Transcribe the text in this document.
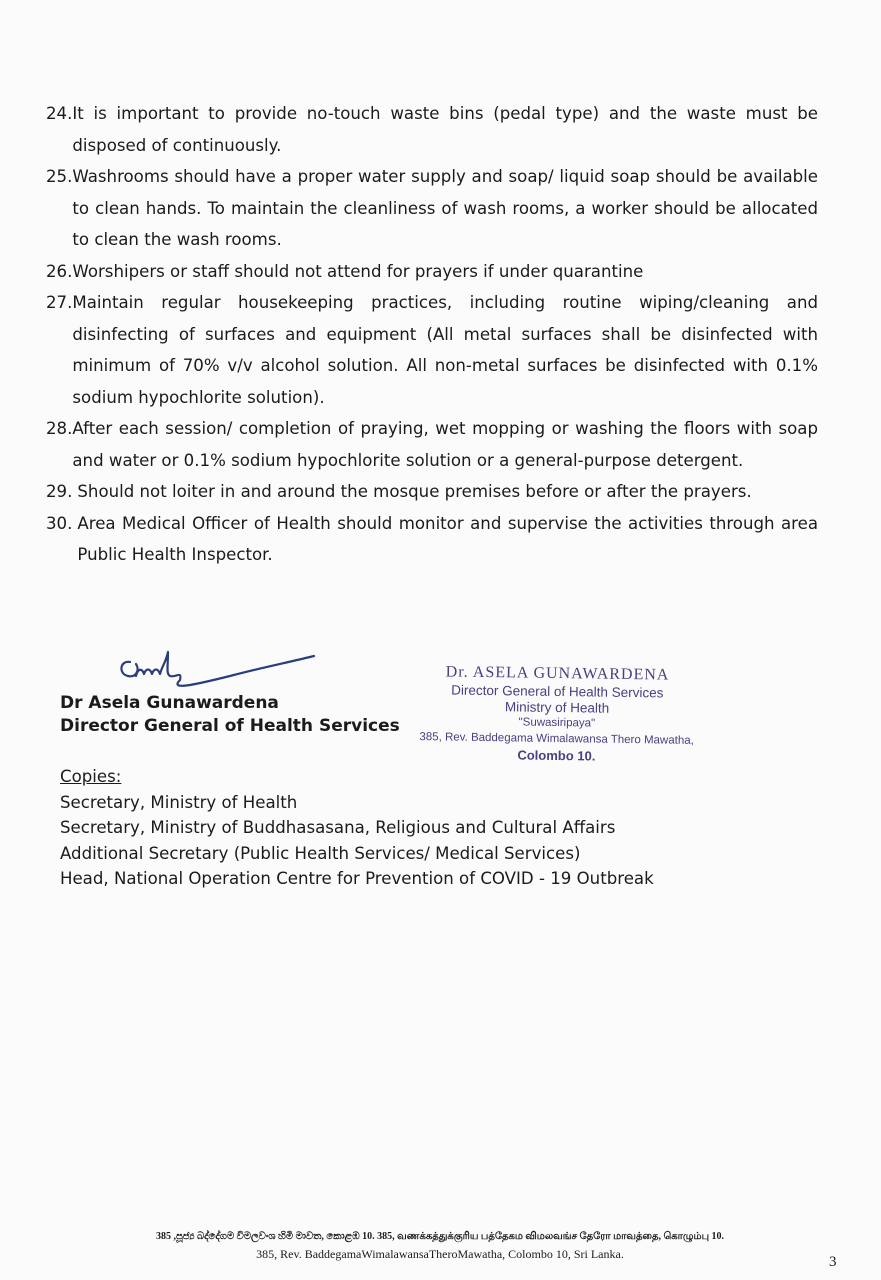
24. It is important to provide no-touch waste bins (pedal type) and the waste must be disposed of continuously.
25. Washrooms should have a proper water supply and soap/ liquid soap should be available to clean hands. To maintain the cleanliness of wash rooms, a worker should be allocated to clean the wash rooms.
26. Worshipers or staff should not attend for prayers if under quarantine
27. Maintain regular housekeeping practices, including routine wiping/cleaning and disinfecting of surfaces and equipment (All metal surfaces shall be disinfected with minimum of 70% v/v alcohol solution. All non-metal surfaces be disinfected with 0.1% sodium hypochlorite solution).
28. After each session/ completion of praying, wet mopping or washing the floors with soap and water or 0.1% sodium hypochlorite solution or a general-purpose detergent.
29. Should not loiter in and around the mosque premises before or after the prayers.
30. Area Medical Officer of Health should monitor and supervise the activities through area Public Health Inspector.
Dr Asela Gunawardena
Director General of Health Services
Dr. ASELA GUNAWARDENA
Director General of Health Services
Ministry of Health
"Suwasiripaya"
385, Rev. Baddegama Wimalawansa Thero Mawatha,
Colombo 10.
Copies:
Secretary, Ministry of Health
Secretary, Ministry of Buddhasasana, Religious and Cultural Affairs
Additional Secretary (Public Health Services/ Medical Services)
Head, National Operation Centre for Prevention of COVID - 19 Outbreak
385 ,පූජ්‍ය බද්දේගම විමලවංශ හිමි මාවත, කොළඹ 10. 385, வணக்கத்துக்குரிய பத்தேகம விமலவங்ச தேரோ மாவத்தை, கொழும்பு 10.
385, Rev. BaddegamaWimalawansaTheroMawatha, Colombo 10, Sri Lanka.	3
